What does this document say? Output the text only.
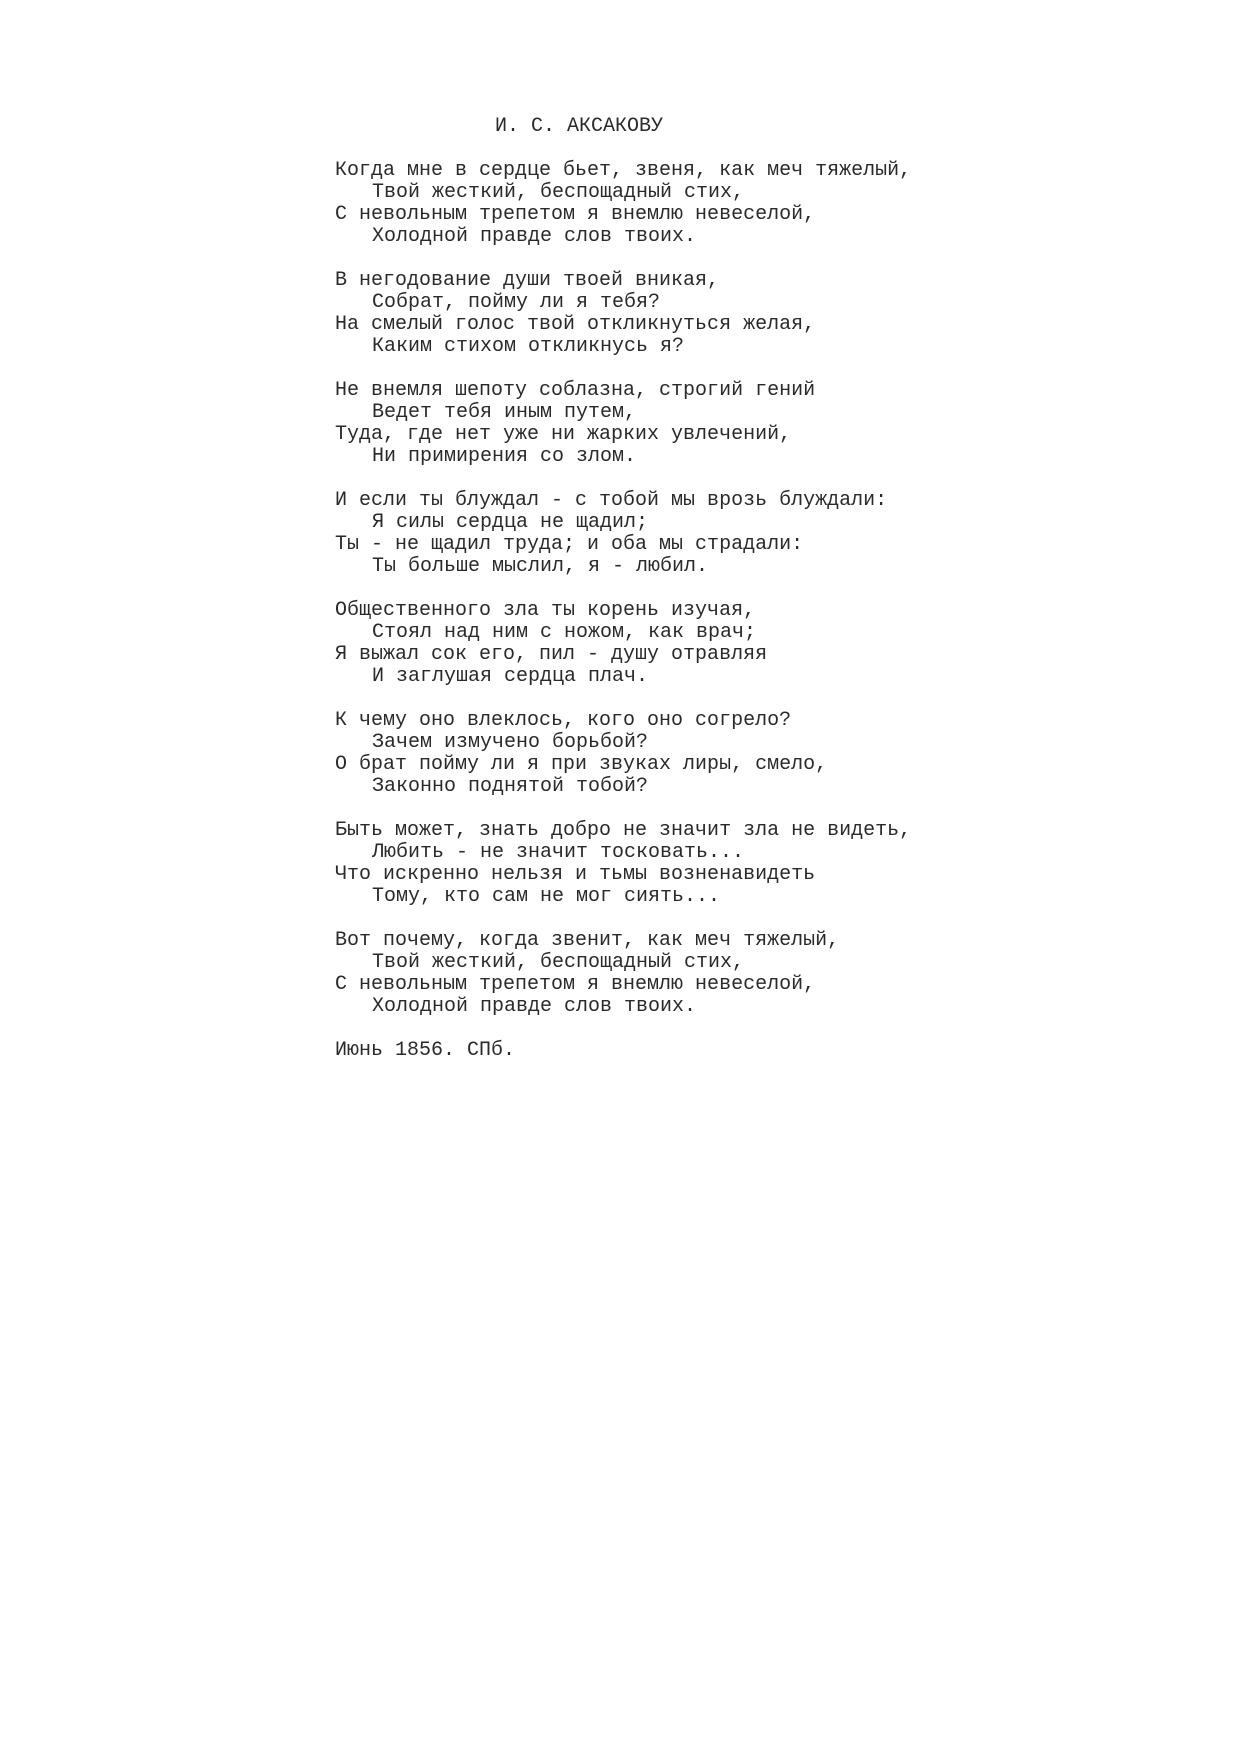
И. С. АКСАКОВУ
Когда мне в сердце бьет, звеня, как меч тяжелый,
Твой жесткий, беспощадный стих,
С невольным трепетом я внемлю невеселой,
Холодной правде слов твоих.
В негодование души твоей вникая,
Собрат, пойму ли я тебя?
На смелый голос твой откликнуться желая,
Каким стихом откликнусь я?
Не внемля шепоту соблазна, строгий гений
Ведет тебя иным путем,
Туда, где нет уже ни жарких увлечений,
Ни примирения со злом.
И если ты блуждал - с тобой мы врозь блуждали:
Я силы сердца не щадил;
Ты - не щадил труда; и оба мы страдали:
Ты больше мыслил, я - любил.
Общественного зла ты корень изучая,
Стоял над ним с ножом, как врач;
Я выжал сок его, пил - душу отравляя
И заглушая сердца плач.
К чему оно влеклось, кого оно согрело?
Зачем измучено борьбой?
О брат пойму ли я при звуках лиры, смело,
Законно поднятой тобой?
Быть может, знать добро не значит зла не видеть,
Любить - не значит тосковать...
Что искренно нельзя и тьмы возненавидеть
Тому, кто сам не мог сиять...
Вот почему, когда звенит, как меч тяжелый,
Твой жесткий, беспощадный стих,
С невольным трепетом я внемлю невеселой,
Холодной правде слов твоих.
Июнь 1856. СПб.
